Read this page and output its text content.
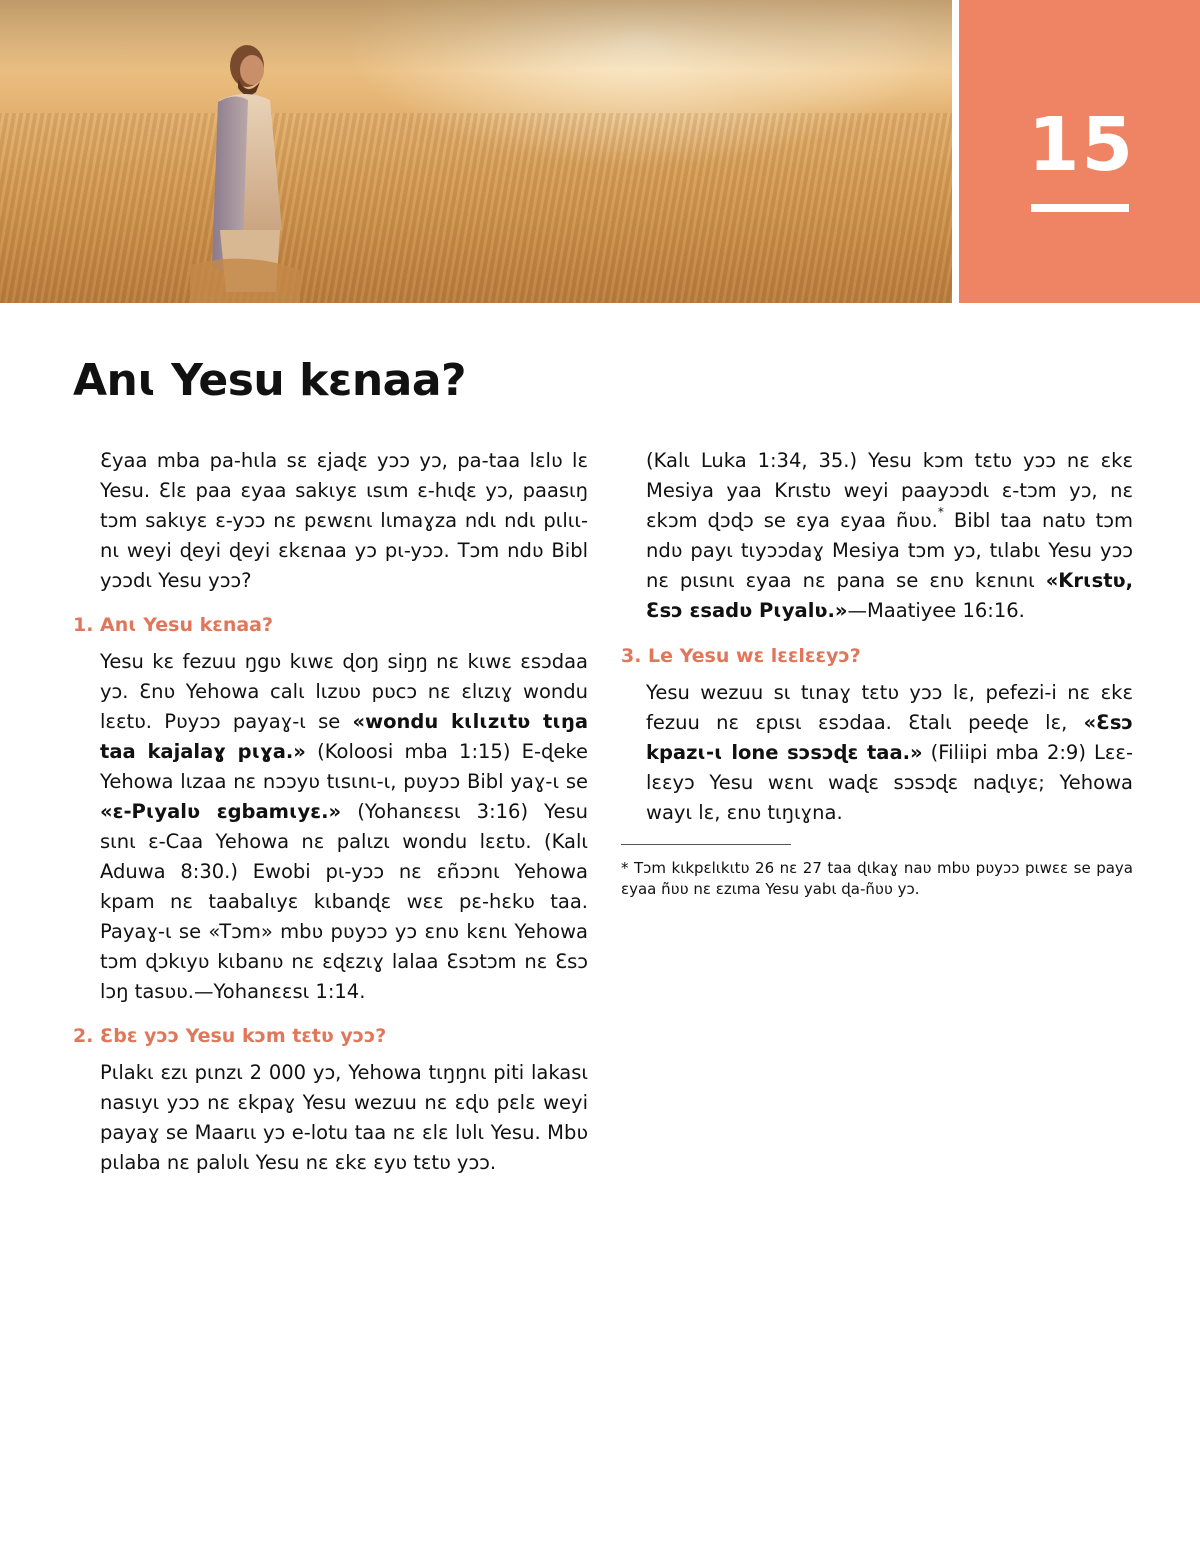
15
Anɩ Yesu kɛnaa?

Ɛyaa mba pa-hɩla sɛ ɛjaɖɛ yɔɔ yɔ, pa-taa lɛlʋ lɛ Yesu. Ɛlɛ paa ɛyaa sakɩyɛ ɩsɩm ɛ-hɩɖɛ yɔ, paasɩŋ tɔm sakɩyɛ ɛ-yɔɔ nɛ pɛwɛnɩ lɩmaɣza ndɩ ndɩ pɩlɩɩ-nɩ weyi ɖeyi ɖeyi ɛkɛnaa yɔ pɩ-yɔɔ. Tɔm ndʋ Bibl yɔɔdɩ Yesu yɔɔ?

1. Anɩ Yesu kɛnaa?

Yesu kɛ fezuu ŋgʋ kɩwɛ ɖoŋ siŋŋ nɛ kɩwɛ ɛsɔdaa yɔ. Ɛnʋ Yehowa calɩ lɩzʋʋ pʋcɔ nɛ ɛlɩzɩɣ wondu lɛɛtʋ. Pʋyɔɔ payaɣ-ɩ se «wondu kɩlɩzɩtʋ tɩŋa taa kajalaɣ pɩɣa.» (Koloosi mba 1:15) E-ɖeke Yehowa lɩzaa nɛ nɔɔyʋ tɩsɩnɩ-ɩ, pʋyɔɔ Bibl yaɣ-ɩ se «ɛ-Pɩyalʋ ɛgbamɩyɛ.» (Yohanɛɛsɩ 3:16) Yesu sɩnɩ ɛ-Caa Yehowa nɛ palɩzɩ wondu lɛɛtʋ. (Kalɩ Aduwa 8:30.) Ewobi pɩ-yɔɔ nɛ ɛñɔɔnɩ Yehowa kpam nɛ taabalɩyɛ kɩbanɖɛ wɛɛ pɛ-hɛkʋ taa. Payaɣ-ɩ se «Tɔm» mbʋ pʋyɔɔ yɔ ɛnʋ kɛnɩ Yehowa tɔm ɖɔkɩyʋ kɩbanʋ nɛ ɛɖɛzɩɣ lalaa Ɛsɔtɔm nɛ Ɛsɔ lɔŋ tasʋʋ.—Yohanɛɛsɩ 1:14.

2. Ɛbɛ yɔɔ Yesu kɔm tɛtʋ yɔɔ?

Pɩlakɩ ɛzɩ pɩnzɩ 2 000 yɔ, Yehowa tɩŋŋnɩ piti lakasɩ nasɩyɩ yɔɔ nɛ ɛkpaɣ Yesu wezuu nɛ ɛɖʋ pɛlɛ weyi payaɣ se Maarɩɩ yɔ e-lotu taa nɛ ɛlɛ lʋlɩ Yesu. Mbʋ pɩlaba nɛ palʋlɩ Yesu nɛ ɛkɛ ɛyʋ tɛtʋ yɔɔ.

(Kalɩ Luka 1:34, 35.) Yesu kɔm tɛtʋ yɔɔ nɛ ɛkɛ Mesiya yaa Krɩstʋ weyi paayɔɔdɩ ɛ-tɔm yɔ, nɛ ɛkɔm ɖɔɖɔ se ɛya ɛyaa ñʋʋ.* Bibl taa natʋ tɔm ndʋ payɩ tɩyɔɔdaɣ Mesiya tɔm yɔ, tɩlabɩ Yesu yɔɔ nɛ pɩsɩnɩ ɛyaa nɛ pana se ɛnʋ kɛnɩnɩ «Krɩstʋ, Ɛsɔ ɛsadʋ Pɩyalʋ.»—Maatiyee 16:16.

3. Le Yesu wɛ lɛɛlɛɛyɔ?

Yesu wezuu sɩ tɩnaɣ tɛtʋ yɔɔ lɛ, pefezi-i nɛ ɛkɛ fezuu nɛ ɛpɩsɩ ɛsɔdaa. Ɛtalɩ peeɖe lɛ, «Ɛsɔ kpazɩ-ɩ lone sɔsɔɖɛ taa.» (Filiipi mba 2:9) Lɛɛlɛɛyɔ Yesu wɛnɩ waɖɛ sɔsɔɖɛ naɖɩyɛ; Yehowa wayɩ lɛ, ɛnʋ tɩŋɩɣna.

* Tɔm kɩkpɛlɩkɩtʋ 26 nɛ 27 taa ɖɩkaɣ naʋ mbʋ pʋyɔɔ pɩwɛɛ se paya ɛyaa ñʋʋ nɛ ɛzɩma Yesu yabɩ ɖa-ñʋʋ yɔ.
